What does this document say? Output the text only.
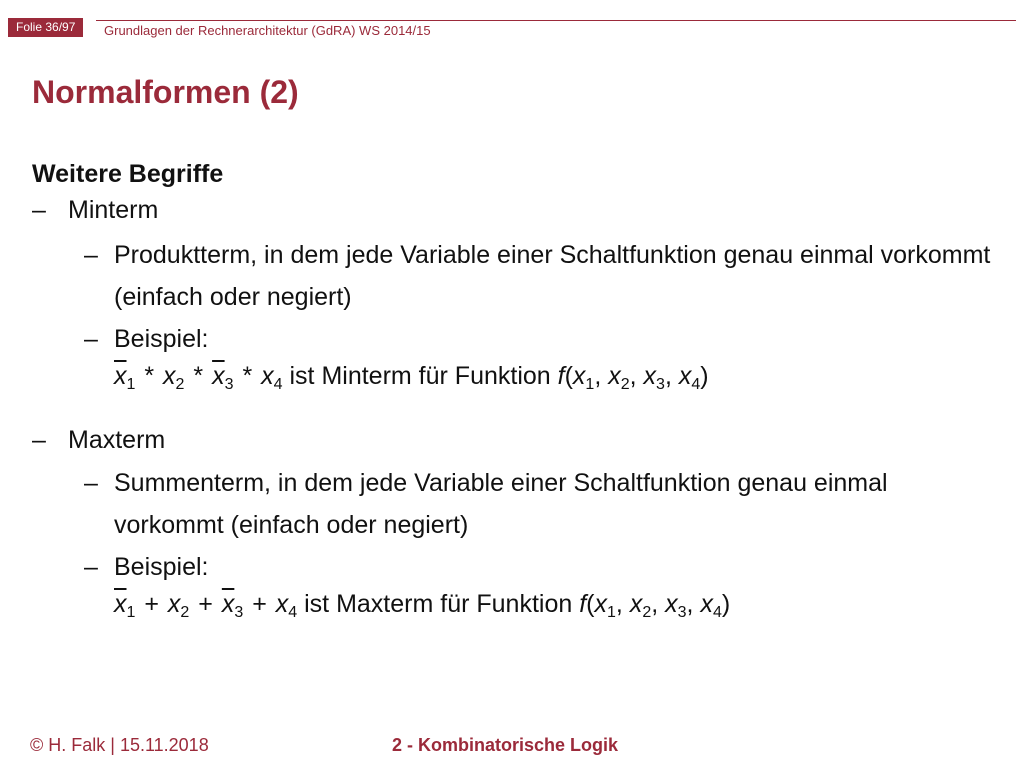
Folie 36/97	Grundlagen der Rechnerarchitektur (GdRA) WS 2014/15
Normalformen (2)
Weitere Begriffe
– Minterm
– Produktterm, in dem jede Variable einer Schaltfunktion genau einmal vorkommt (einfach oder negiert)
– Beispiel:
$\overline{x}_1 * x_2 * \overline{x}_3 * x_4$ ist Minterm für Funktion $f(x_1$, $x_2$, $x_3$, $x_4$)
– Maxterm
– Summenterm, in dem jede Variable einer Schaltfunktion genau einmal vorkommt (einfach oder negiert)
– Beispiel:
$\overline{x}_1 + x_2 + \overline{x}_3 + x_4$ ist Maxterm für Funktion $f(x_1$, $x_2$, $x_3$, $x_4$)
© H. Falk | 15.11.2018	2 - Kombinatorische Logik
